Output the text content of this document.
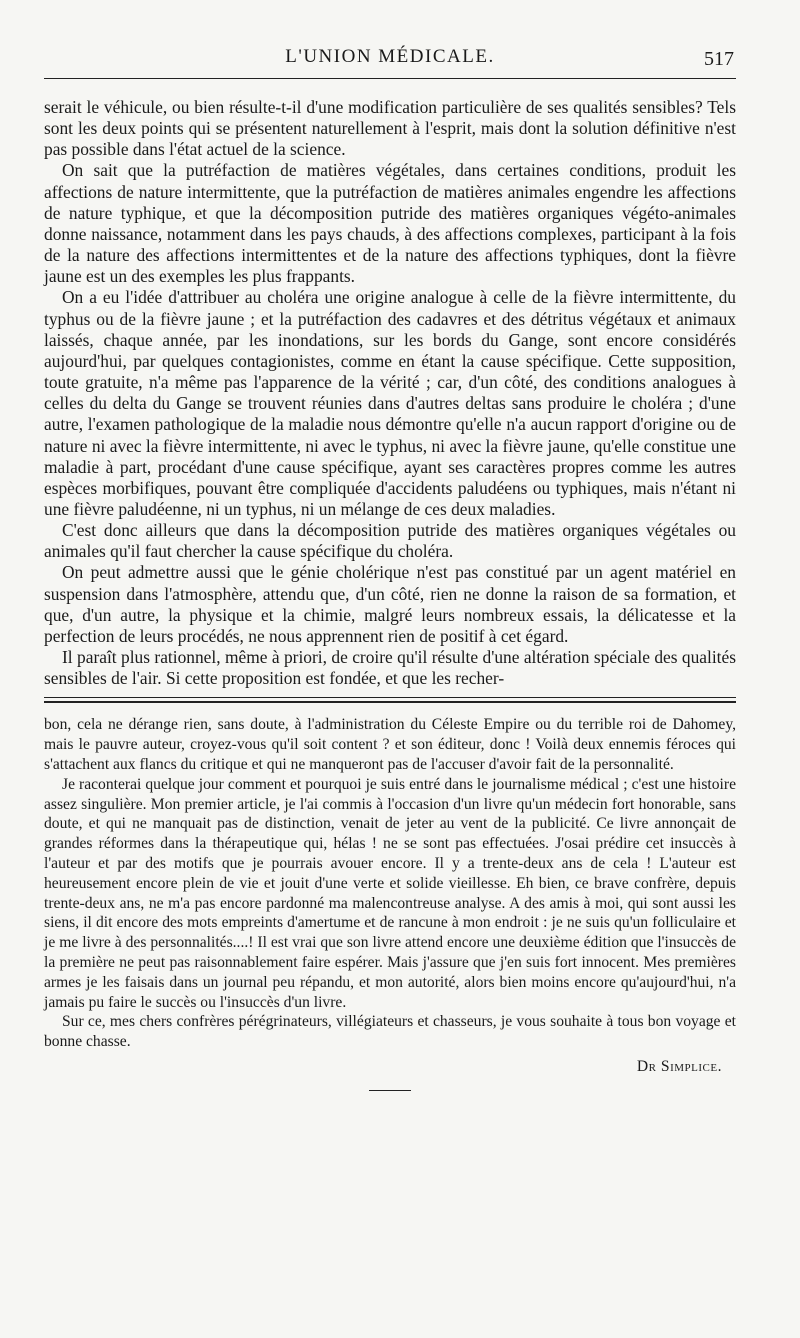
L'UNION MÉDICALE.	517

serait le véhicule, ou bien résulte-t-il d'une modification particulière de ses qualités sensibles? Tels sont les deux points qui se présentent naturellement à l'esprit, mais dont la solution définitive n'est pas possible dans l'état actuel de la science.

On sait que la putréfaction de matières végétales, dans certaines conditions, produit les affections de nature intermittente, que la putréfaction de matières animales engendre les affections de nature typhique, et que la décomposition putride des matières organiques végéto-animales donne naissance, notamment dans les pays chauds, à des affections complexes, participant à la fois de la nature des affections intermittentes et de la nature des affections typhiques, dont la fièvre jaune est un des exemples les plus frappants.

On a eu l'idée d'attribuer au choléra une origine analogue à celle de la fièvre intermittente, du typhus ou de la fièvre jaune ; et la putréfaction des cadavres et des détritus végétaux et animaux laissés, chaque année, par les inondations, sur les bords du Gange, sont encore considérés aujourd'hui, par quelques contagionistes, comme en étant la cause spécifique. Cette supposition, toute gratuite, n'a même pas l'apparence de la vérité ; car, d'un côté, des conditions analogues à celles du delta du Gange se trouvent réunies dans d'autres deltas sans produire le choléra ; d'une autre, l'examen pathologique de la maladie nous démontre qu'elle n'a aucun rapport d'origine ou de nature ni avec la fièvre intermittente, ni avec le typhus, ni avec la fièvre jaune, qu'elle constitue une maladie à part, procédant d'une cause spécifique, ayant ses caractères propres comme les autres espèces morbifiques, pouvant être compliquée d'accidents paludéens ou typhiques, mais n'étant ni une fièvre paludéenne, ni un typhus, ni un mélange de ces deux maladies.

C'est donc ailleurs que dans la décomposition putride des matières organiques végétales ou animales qu'il faut chercher la cause spécifique du choléra.

On peut admettre aussi que le génie cholérique n'est pas constitué par un agent matériel en suspension dans l'atmosphère, attendu que, d'un côté, rien ne donne la raison de sa formation, et que, d'un autre, la physique et la chimie, malgré leurs nombreux essais, la délicatesse et la perfection de leurs procédés, ne nous apprennent rien de positif à cet égard.

Il paraît plus rationnel, même à priori, de croire qu'il résulte d'une altération spéciale des qualités sensibles de l'air. Si cette proposition est fondée, et que les recher-

bon, cela ne dérange rien, sans doute, à l'administration du Céleste Empire ou du terrible roi de Dahomey, mais le pauvre auteur, croyez-vous qu'il soit content ? et son éditeur, donc ! Voilà deux ennemis féroces qui s'attachent aux flancs du critique et qui ne manqueront pas de l'accuser d'avoir fait de la personnalité.

Je raconterai quelque jour comment et pourquoi je suis entré dans le journalisme médical ; c'est une histoire assez singulière. Mon premier article, je l'ai commis à l'occasion d'un livre qu'un médecin fort honorable, sans doute, et qui ne manquait pas de distinction, venait de jeter au vent de la publicité. Ce livre annonçait de grandes réformes dans la thérapeutique qui, hélas ! ne se sont pas effectuées. J'osai prédire cet insuccès à l'auteur et par des motifs que je pourrais avouer encore. Il y a trente-deux ans de cela ! L'auteur est heureusement encore plein de vie et jouit d'une verte et solide vieillesse. Eh bien, ce brave confrère, depuis trente-deux ans, ne m'a pas encore pardonné ma malencontreuse analyse. A des amis à moi, qui sont aussi les siens, il dit encore des mots empreints d'amertume et de rancune à mon endroit : je ne suis qu'un folliculaire et je me livre à des personnalités....! Il est vrai que son livre attend encore une deuxième édition que l'insuccès de la première ne peut pas raisonnablement faire espérer. Mais j'assure que j'en suis fort innocent. Mes premières armes je les faisais dans un journal peu répandu, et mon autorité, alors bien moins encore qu'aujourd'hui, n'a jamais pu faire le succès ou l'insuccès d'un livre.

Sur ce, mes chers confrères pérégrinateurs, villégiateurs et chasseurs, je vous souhaite à tous bon voyage et bonne chasse.

Dr Simplice.
